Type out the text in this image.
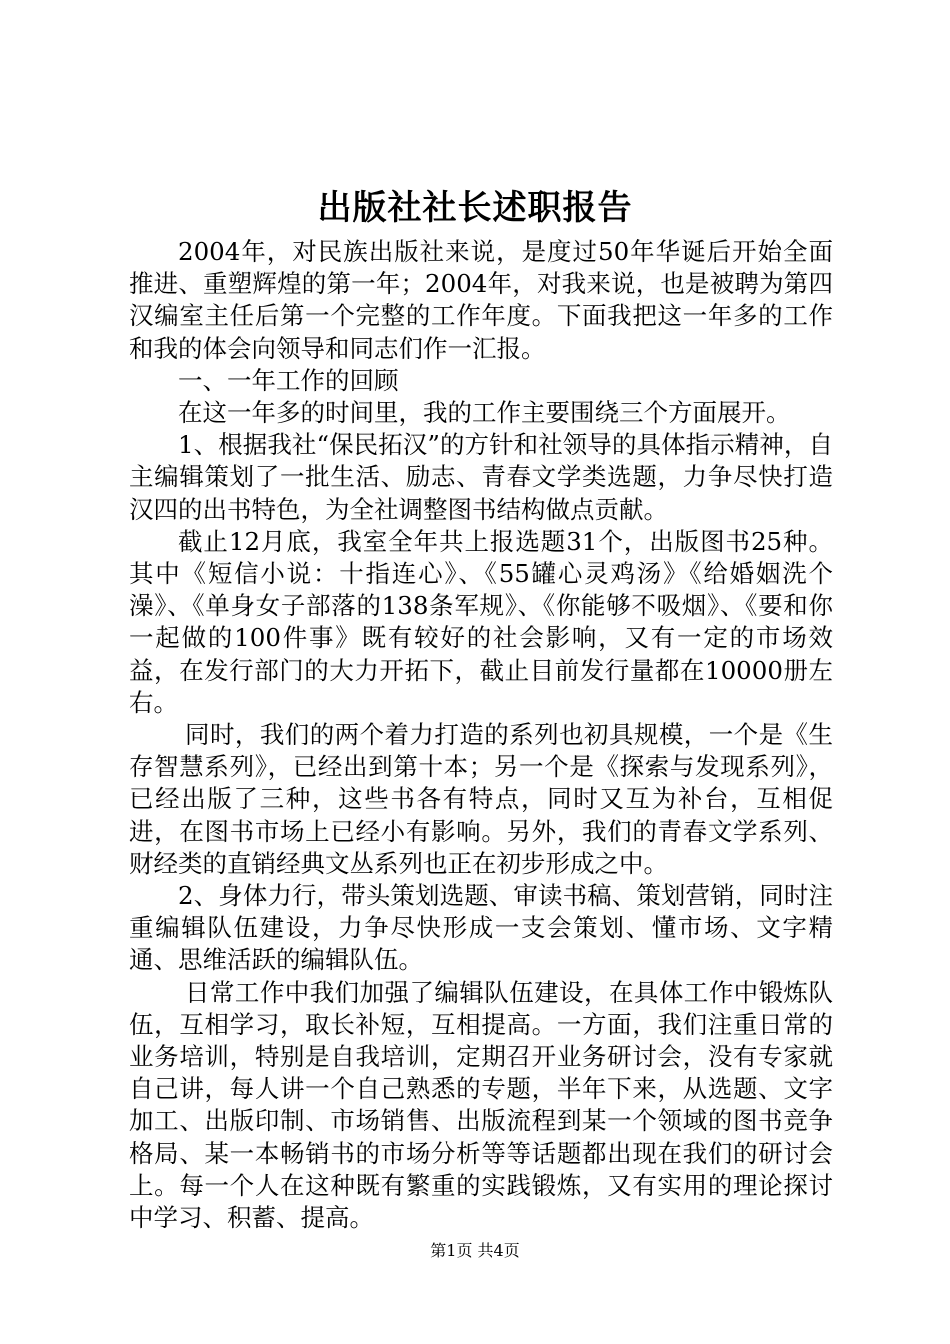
出版社社长述职报告

2004年，对民族出版社来说，是度过50年华诞后开始全面推进、重塑辉煌的第一年；2004年，对我来说，也是被聘为第四汉编室主任后第一个完整的工作年度。下面我把这一年多的工作和我的体会向领导和同志们作一汇报。

一、一年工作的回顾

在这一年多的时间里，我的工作主要围绕三个方面展开。

1、根据我社“保民拓汉”的方针和社领导的具体指示精神，自主编辑策划了一批生活、励志、青春文学类选题，力争尽快打造汉四的出书特色，为全社调整图书结构做点贡献。

截止12月底，我室全年共上报选题31个，出版图书25种。其中《短信小说：十指连心》、《55罐心灵鸡汤》《给婚姻洗个澡》、《单身女子部落的138条军规》、《你能够不吸烟》、《要和你一起做的100件事》既有较好的社会影响，又有一定的市场效益，在发行部门的大力开拓下，截止目前发行量都在10000册左右。

同时，我们的两个着力打造的系列也初具规模，一个是《生存智慧系列》，已经出到第十本；另一个是《探索与发现系列》，已经出版了三种，这些书各有特点，同时又互为补台，互相促进，在图书市场上已经小有影响。另外，我们的青春文学系列、财经类的直销经典文丛系列也正在初步形成之中。

2、身体力行，带头策划选题、审读书稿、策划营销，同时注重编辑队伍建设，力争尽快形成一支会策划、懂市场、文字精通、思维活跃的编辑队伍。

日常工作中我们加强了编辑队伍建设，在具体工作中锻炼队伍，互相学习，取长补短，互相提高。一方面，我们注重日常的业务培训，特别是自我培训，定期召开业务研讨会，没有专家就自己讲，每人讲一个自己熟悉的专题，半年下来，从选题、文字加工、出版印制、市场销售、出版流程到某一个领域的图书竞争格局、某一本畅销书的市场分析等等话题都出现在我们的研讨会上。每一个人在这种既有繁重的实践锻炼，又有实用的理论探讨中学习、积蓄、提高。

第1页 共4页
